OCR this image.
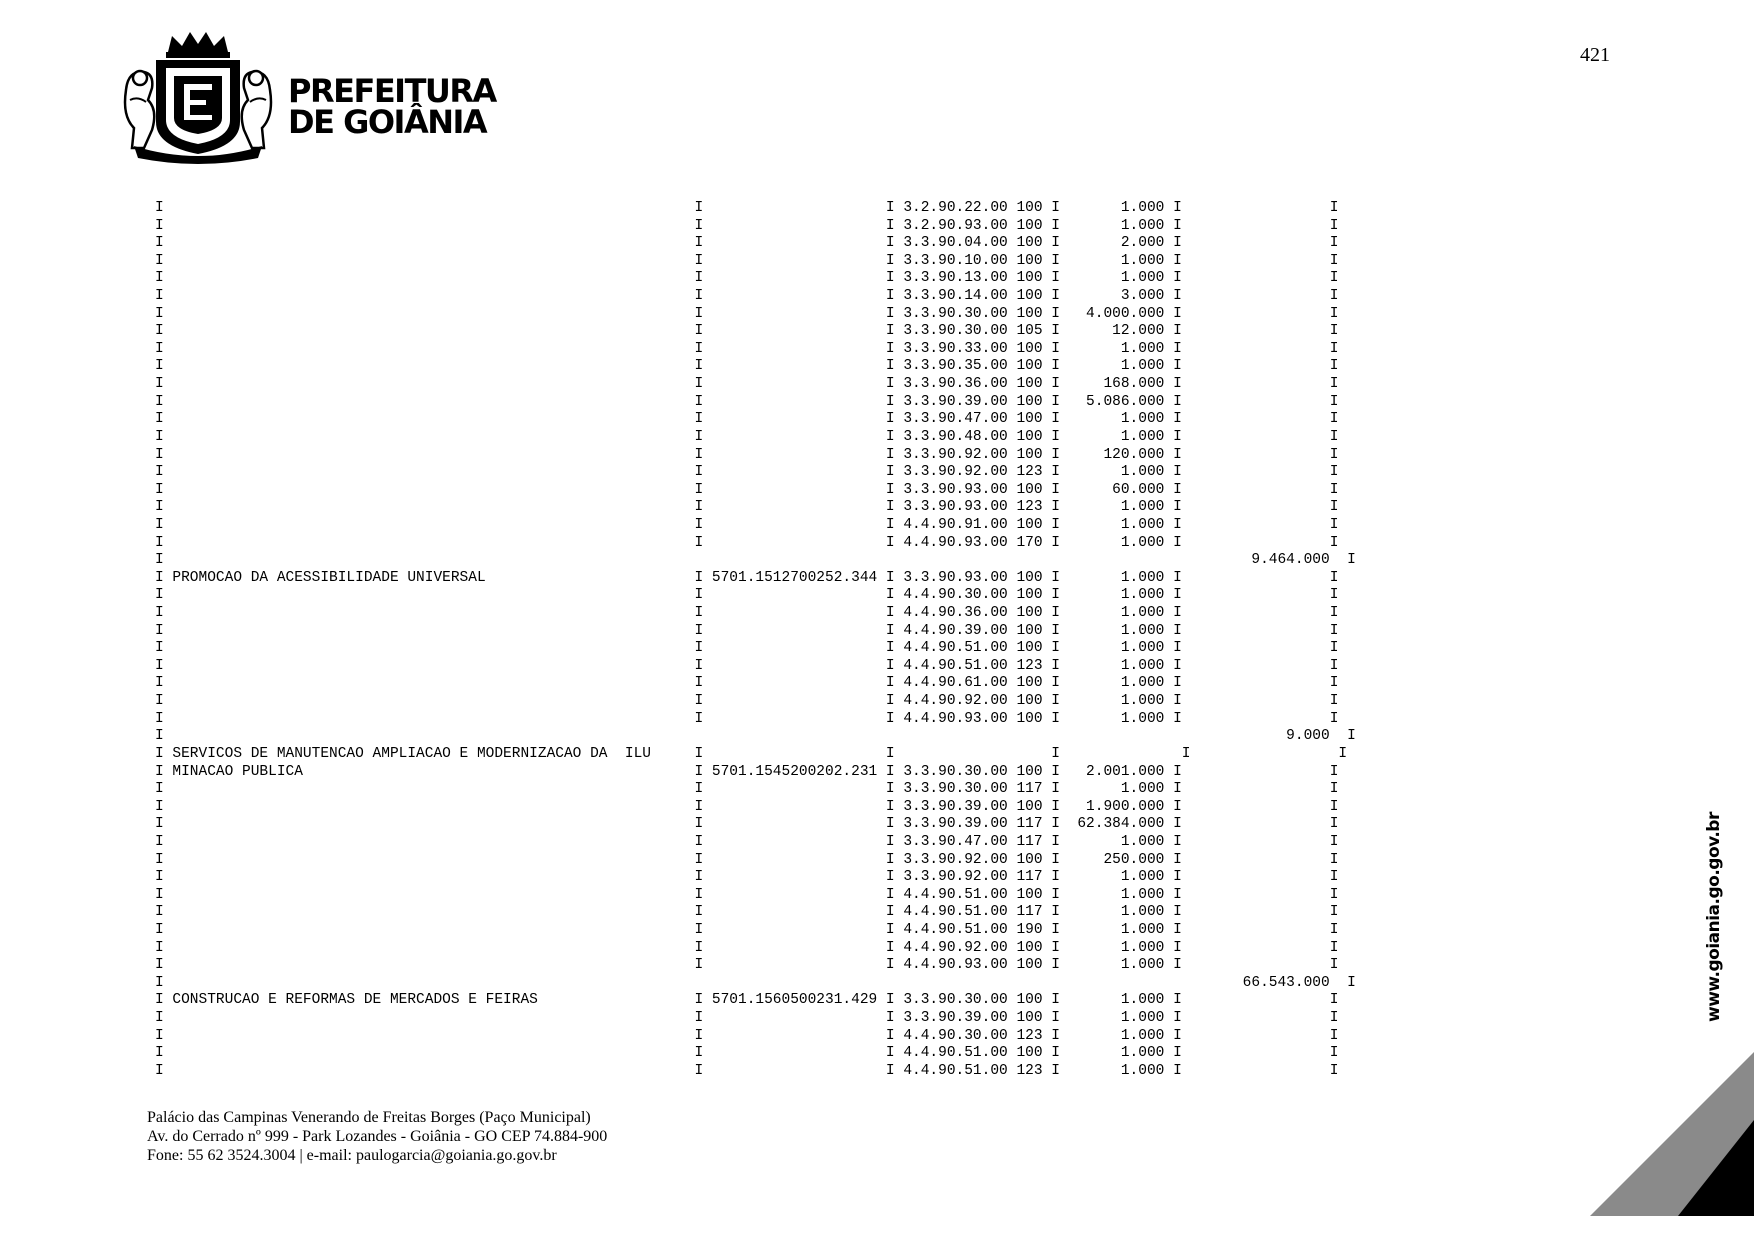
421
PREFEITURA
DE GOIÂNIA
I                                                             I                     I 3.2.90.22.00 100 I       1.000 I                 I
I                                                             I                     I 3.2.90.93.00 100 I       1.000 I                 I
I                                                             I                     I 3.3.90.04.00 100 I       2.000 I                 I
I                                                             I                     I 3.3.90.10.00 100 I       1.000 I                 I
I                                                             I                     I 3.3.90.13.00 100 I       1.000 I                 I
I                                                             I                     I 3.3.90.14.00 100 I       3.000 I                 I
I                                                             I                     I 3.3.90.30.00 100 I   4.000.000 I                 I
I                                                             I                     I 3.3.90.30.00 105 I      12.000 I                 I
I                                                             I                     I 3.3.90.33.00 100 I       1.000 I                 I
I                                                             I                     I 3.3.90.35.00 100 I       1.000 I                 I
I                                                             I                     I 3.3.90.36.00 100 I     168.000 I                 I
I                                                             I                     I 3.3.90.39.00 100 I   5.086.000 I                 I
I                                                             I                     I 3.3.90.47.00 100 I       1.000 I                 I
I                                                             I                     I 3.3.90.48.00 100 I       1.000 I                 I
I                                                             I                     I 3.3.90.92.00 100 I     120.000 I                 I
I                                                             I                     I 3.3.90.92.00 123 I       1.000 I                 I
I                                                             I                     I 3.3.90.93.00 100 I      60.000 I                 I
I                                                             I                     I 3.3.90.93.00 123 I       1.000 I                 I
I                                                             I                     I 4.4.90.91.00 100 I       1.000 I                 I
I                                                             I                     I 4.4.90.93.00 170 I       1.000 I                 I
I                                                                                                                             9.464.000  I
I PROMOCAO DA ACESSIBILIDADE UNIVERSAL                        I 5701.1512700252.344 I 3.3.90.93.00 100 I       1.000 I                 I
I                                                             I                     I 4.4.90.30.00 100 I       1.000 I                 I
I                                                             I                     I 4.4.90.36.00 100 I       1.000 I                 I
I                                                             I                     I 4.4.90.39.00 100 I       1.000 I                 I
I                                                             I                     I 4.4.90.51.00 100 I       1.000 I                 I
I                                                             I                     I 4.4.90.51.00 123 I       1.000 I                 I
I                                                             I                     I 4.4.90.61.00 100 I       1.000 I                 I
I                                                             I                     I 4.4.90.92.00 100 I       1.000 I                 I
I                                                             I                     I 4.4.90.93.00 100 I       1.000 I                 I
I                                                                                                                                 9.000  I
I SERVICOS DE MANUTENCAO AMPLIACAO E MODERNIZACAO DA  ILU     I                     I                  I              I                 I
I MINACAO PUBLICA                                             I 5701.1545200202.231 I 3.3.90.30.00 100 I   2.001.000 I                 I
I                                                             I                     I 3.3.90.30.00 117 I       1.000 I                 I
I                                                             I                     I 3.3.90.39.00 100 I   1.900.000 I                 I
I                                                             I                     I 3.3.90.39.00 117 I  62.384.000 I                 I
I                                                             I                     I 3.3.90.47.00 117 I       1.000 I                 I
I                                                             I                     I 3.3.90.92.00 100 I     250.000 I                 I
I                                                             I                     I 3.3.90.92.00 117 I       1.000 I                 I
I                                                             I                     I 4.4.90.51.00 100 I       1.000 I                 I
I                                                             I                     I 4.4.90.51.00 117 I       1.000 I                 I
I                                                             I                     I 4.4.90.51.00 190 I       1.000 I                 I
I                                                             I                     I 4.4.90.92.00 100 I       1.000 I                 I
I                                                             I                     I 4.4.90.93.00 100 I       1.000 I                 I
I                                                                                                                            66.543.000  I
I CONSTRUCAO E REFORMAS DE MERCADOS E FEIRAS                  I 5701.1560500231.429 I 3.3.90.30.00 100 I       1.000 I                 I
I                                                             I                     I 3.3.90.39.00 100 I       1.000 I                 I
I                                                             I                     I 4.4.90.30.00 123 I       1.000 I                 I
I                                                             I                     I 4.4.90.51.00 100 I       1.000 I                 I
I                                                             I                     I 4.4.90.51.00 123 I       1.000 I                 I
Palácio das Campinas Venerando de Freitas Borges (Paço Municipal)
Av. do Cerrado nº 999 - Park Lozandes - Goiânia - GO CEP 74.884-900
Fone: 55 62 3524.3004 | e-mail: paulogarcia@goiania.go.gov.br
www.goiania.go.gov.br
